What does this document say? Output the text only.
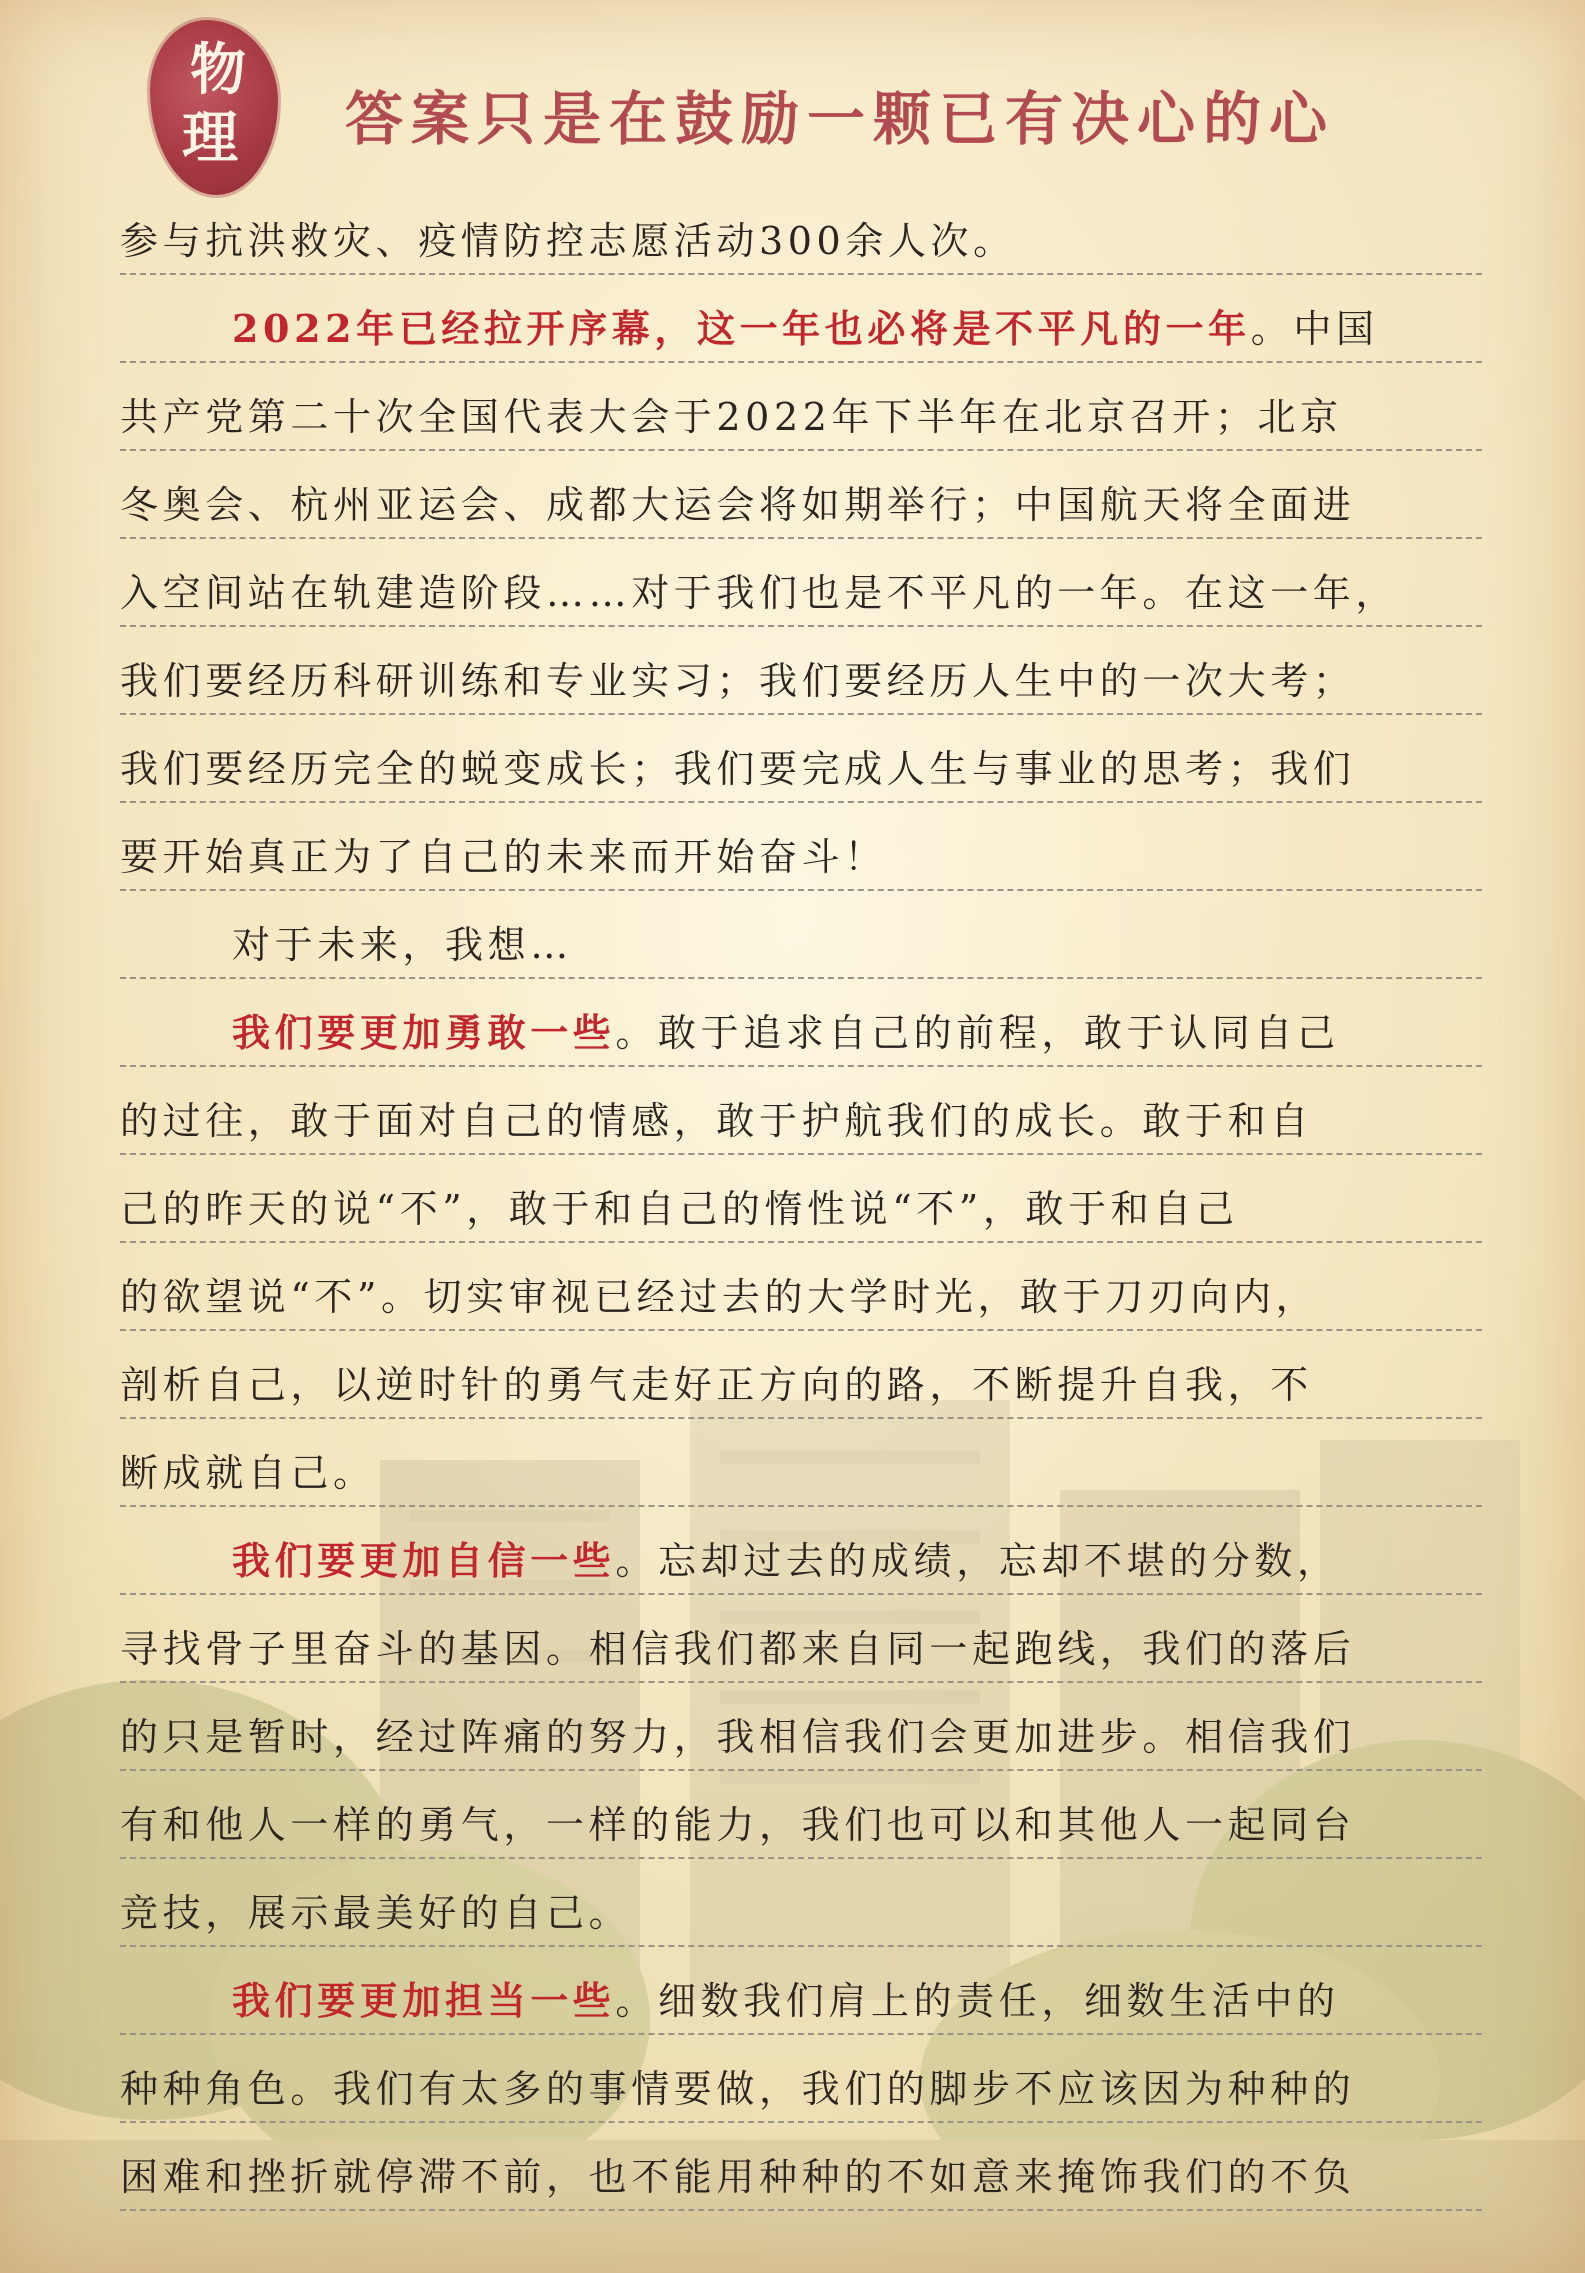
物
理 答案只是在鼓励一颗已有决心的心
参与抗洪救灾、疫情防控志愿活动300余人次。
2022年已经拉开序幕，这一年也必将是不平凡的一年。中国
共产党第二十次全国代表大会于2022年下半年在北京召开；北京
冬奥会、杭州亚运会、成都大运会将如期举行；中国航天将全面进
入空间站在轨建造阶段……对于我们也是不平凡的一年。在这一年，
我们要经历科研训练和专业实习；我们要经历人生中的一次大考；
我们要经历完全的蜕变成长；我们要完成人生与事业的思考；我们
要开始真正为了自己的未来而开始奋斗！
对于未来，我想…
我们要更加勇敢一些。敢于追求自己的前程，敢于认同自己
的过往，敢于面对自己的情感，敢于护航我们的成长。敢于和自
己的昨天的说“不”，敢于和自己的惰性说“不”，敢于和自己
的欲望说“不”。切实审视已经过去的大学时光，敢于刀刃向内，
剖析自己，以逆时针的勇气走好正方向的路，不断提升自我，不
断成就自己。
我们要更加自信一些。忘却过去的成绩，忘却不堪的分数，
寻找骨子里奋斗的基因。相信我们都来自同一起跑线，我们的落后
的只是暂时，经过阵痛的努力，我相信我们会更加进步。相信我们
有和他人一样的勇气，一样的能力，我们也可以和其他人一起同台
竞技，展示最美好的自己。
我们要更加担当一些。细数我们肩上的责任，细数生活中的
种种角色。我们有太多的事情要做，我们的脚步不应该因为种种的
困难和挫折就停滞不前，也不能用种种的不如意来掩饰我们的不负
